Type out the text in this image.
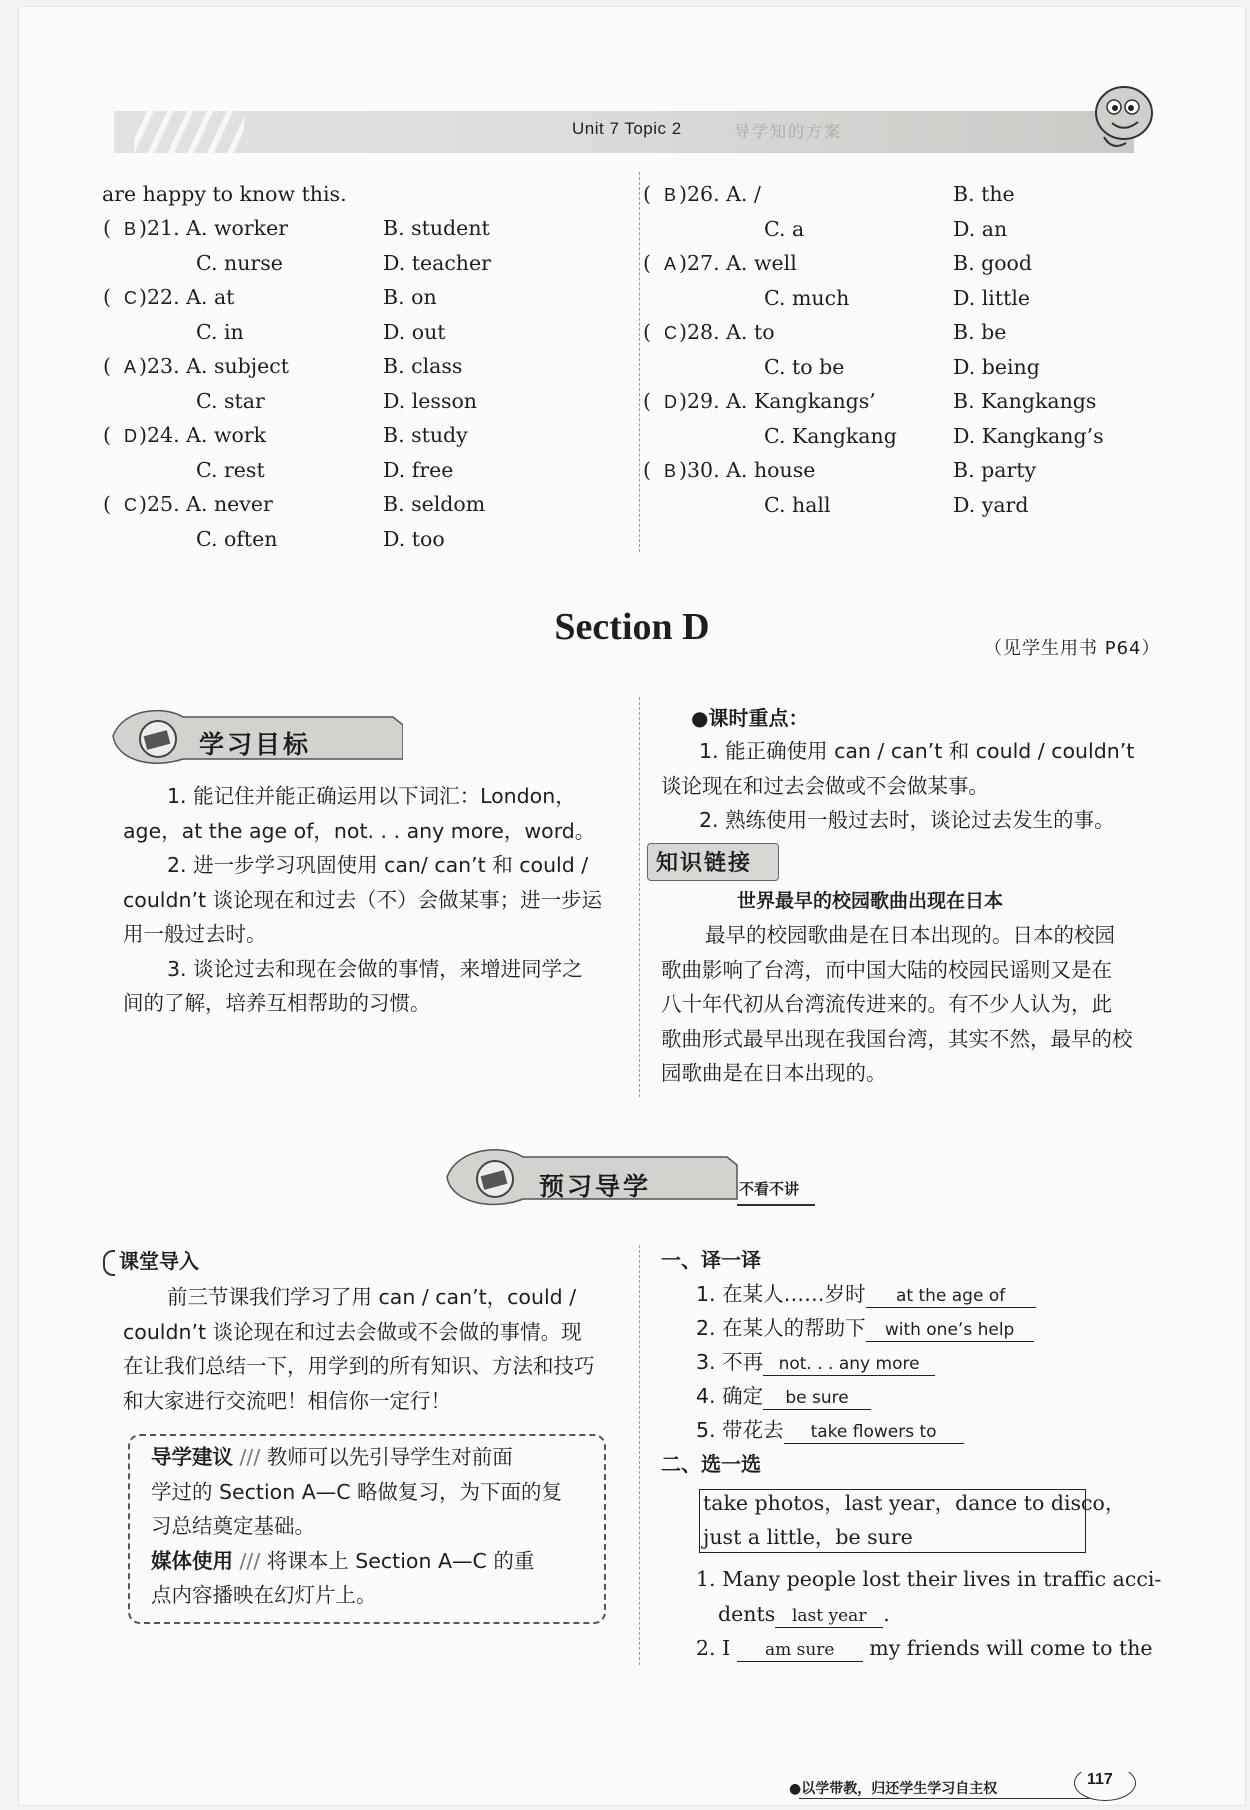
Unit 7 Topic 2	导学知的方案
are happy to know this.
(  B )21. A. worker	B. student
C. nurse	D. teacher
(  C )22. A. at	B. on
C. in	D. out
(  A )23. A. subject	B. class
C. star	D. lesson
(  D )24. A. work	B. study
C. rest	D. free
(  C )25. A. never	B. seldom
C. often	D. too
(  B )26. A. /	B. the
C. a	D. an
(  A )27. A. well	B. good
C. much	D. little
(  C )28. A. to	B. be
C. to be	D. being
(  D )29. A. Kangkangs’	B. Kangkangs
C. Kangkang	D. Kangkang’s
(  B )30. A. house	B. party
C. hall	D. yard
Section D
（见学生用书 P64）
学习目标
1. 能记住并能正确运用以下词汇：London，
age，at the age of，not. . . any more，word。
2. 进一步学习巩固使用 can/ can’t 和 could /
couldn’t 谈论现在和过去（不）会做某事；进一步运
用一般过去时。
3. 谈论过去和现在会做的事情，来增进同学之
间的了解，培养互相帮助的习惯。
●课时重点：
1. 能正确使用 can / can’t 和 could / couldn’t
谈论现在和过去会做或不会做某事。
2. 熟练使用一般过去时，谈论过去发生的事。
知识链接
世界最早的校园歌曲出现在日本
最早的校园歌曲是在日本出现的。日本的校园
歌曲影响了台湾，而中国大陆的校园民谣则又是在
八十年代初从台湾流传进来的。有不少人认为，此
歌曲形式最早出现在我国台湾，其实不然，最早的校
园歌曲是在日本出现的。
预习导学	不看不讲
课堂导入
前三节课我们学习了用 can / can’t，could /
couldn’t 谈论现在和过去会做或不会做的事情。现
在让我们总结一下，用学到的所有知识、方法和技巧
和大家进行交流吧！相信你一定行！
导学建议 /// 教师可以先引导学生对前面
学过的 Section A—C 略做复习，为下面的复
习总结奠定基础。
媒体使用 /// 将课本上 Section A—C 的重
点内容播映在幻灯片上。
一、译一译
1. 在某人……岁时 at the age of
2. 在某人的帮助下 with one’s help
3. 不再 not. . . any more
4. 确定 be sure
5. 带花去 take flowers to
二、选一选
take photos，last year，dance to disco，
just a little，be sure
1. Many people lost their lives in traffic acci-
dents last year .
2. I am sure my friends will come to the
●以学带教，归还学生学习自主权
117
